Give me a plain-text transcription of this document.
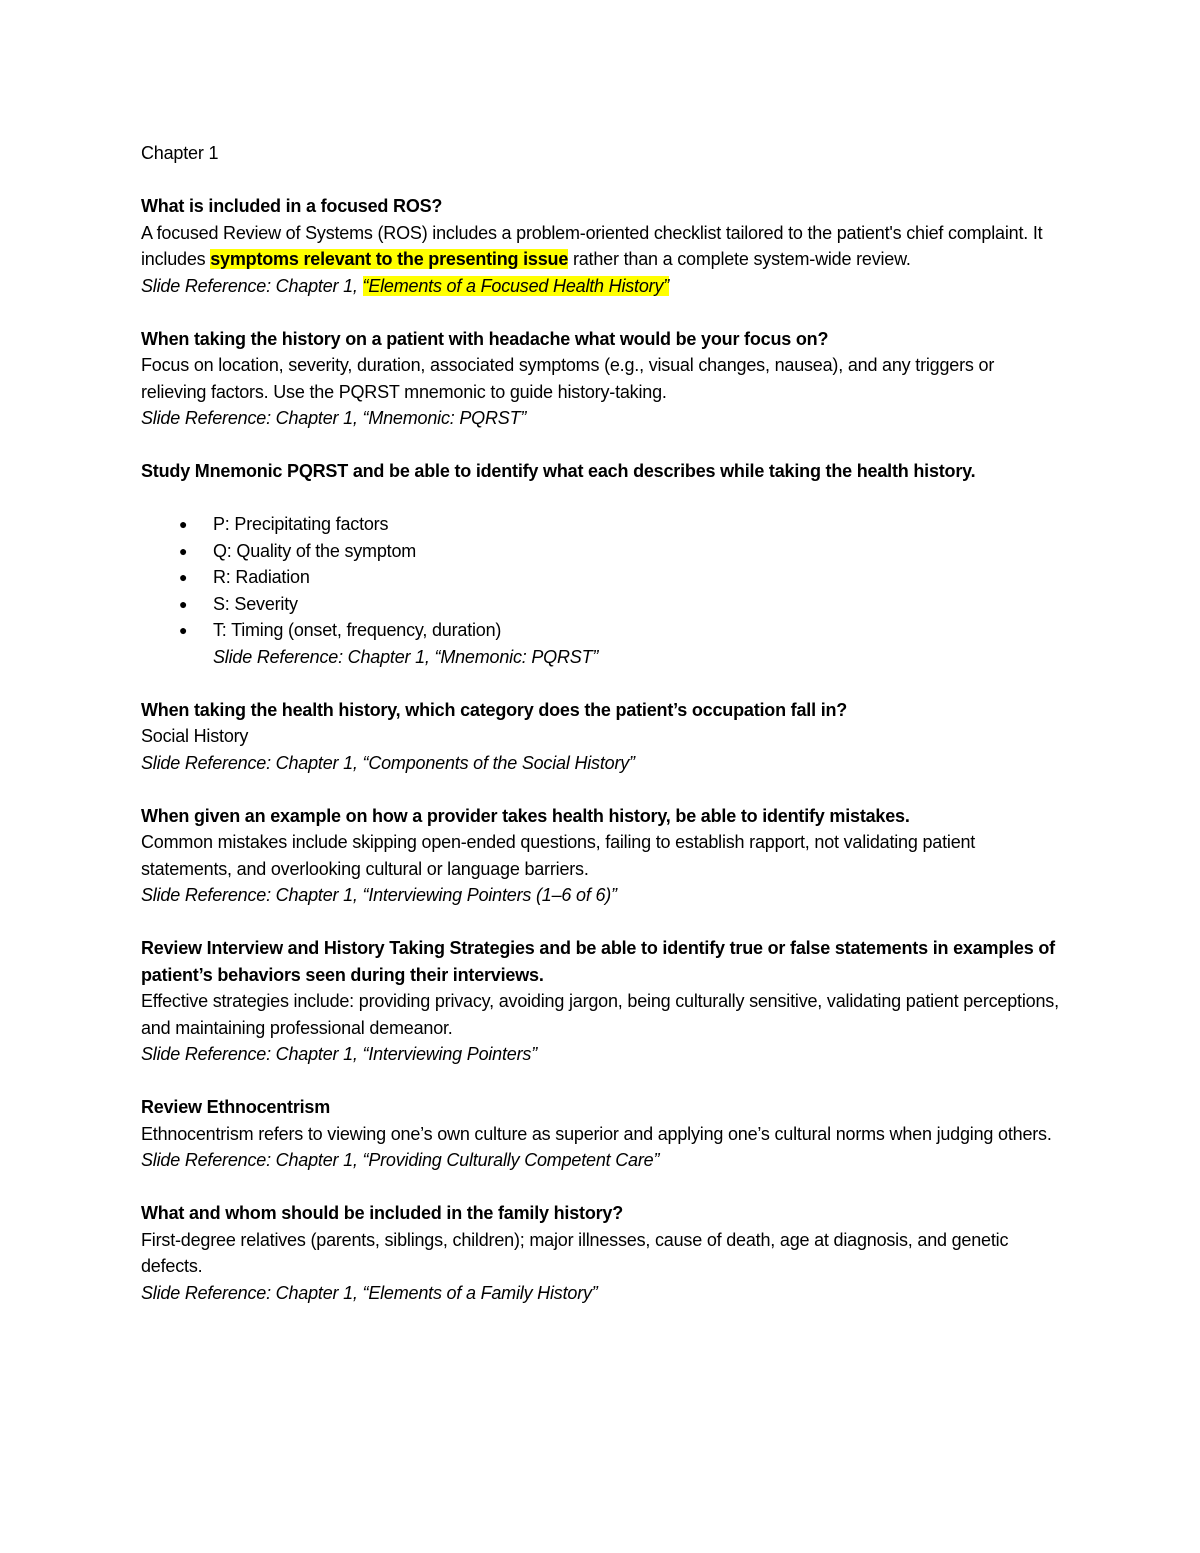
Chapter 1

What is included in a focused ROS?

A focused Review of Systems (ROS) includes a problem-oriented checklist tailored to the patient's chief complaint. It includes symptoms relevant to the presenting issue rather than a complete system-wide review.

Slide Reference: Chapter 1, “Elements of a Focused Health History”

When taking the history on a patient with headache what would be your focus on?

Focus on location, severity, duration, associated symptoms (e.g., visual changes, nausea), and any triggers or relieving factors. Use the PQRST mnemonic to guide history-taking.

Slide Reference: Chapter 1, “Mnemonic: PQRST”

Study Mnemonic PQRST and be able to identify what each describes while taking the health history.

● P: Precipitating factors
● Q: Quality of the symptom
● R: Radiation
● S: Severity
● T: Timing (onset, frequency, duration)

Slide Reference: Chapter 1, “Mnemonic: PQRST”

When taking the health history, which category does the patient’s occupation fall in?

Social History

Slide Reference: Chapter 1, “Components of the Social History”

When given an example on how a provider takes health history, be able to identify mistakes.

Common mistakes include skipping open-ended questions, failing to establish rapport, not validating patient statements, and overlooking cultural or language barriers.

Slide Reference: Chapter 1, “Interviewing Pointers (1–6 of 6)”

Review Interview and History Taking Strategies and be able to identify true or false statements in examples of patient’s behaviors seen during their interviews.

Effective strategies include: providing privacy, avoiding jargon, being culturally sensitive, validating patient perceptions, and maintaining professional demeanor.

Slide Reference: Chapter 1, “Interviewing Pointers”

Review Ethnocentrism

Ethnocentrism refers to viewing one’s own culture as superior and applying one’s cultural norms when judging others.

Slide Reference: Chapter 1, “Providing Culturally Competent Care”

What and whom should be included in the family history?

First-degree relatives (parents, siblings, children); major illnesses, cause of death, age at diagnosis, and genetic defects.

Slide Reference: Chapter 1, “Elements of a Family History”
